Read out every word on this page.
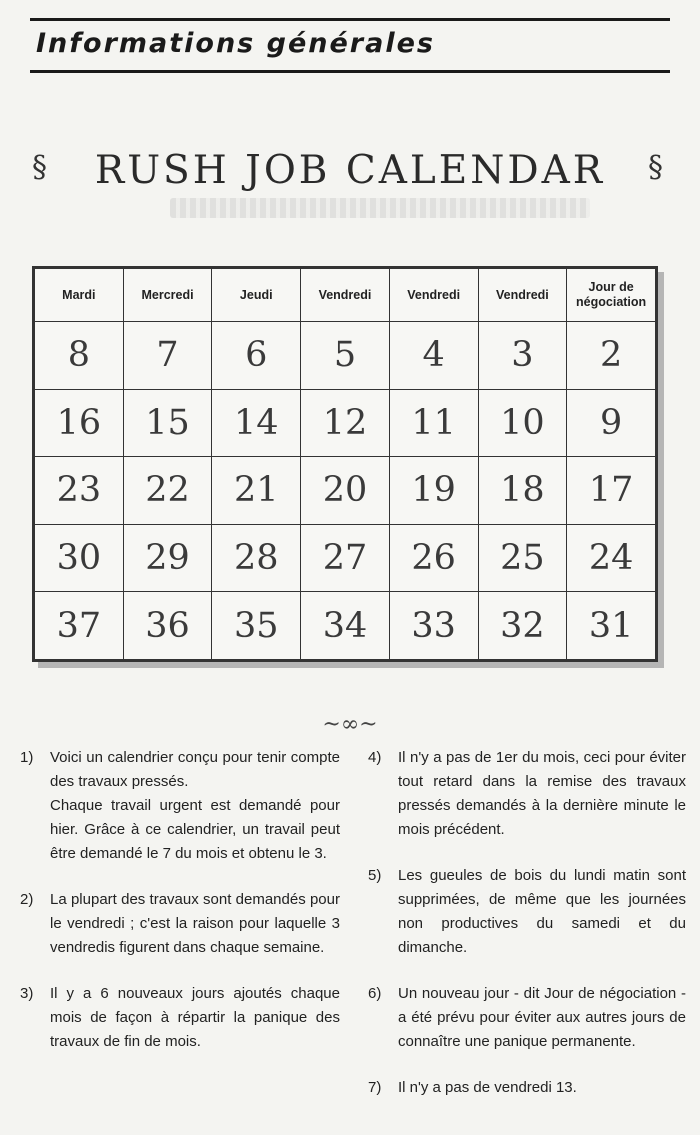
Informations générales
§	RUSH JOB CALENDAR	§
Mardi	Mercredi	Jeudi	Vendredi	Vendredi	Vendredi	Jour de négociation
8	7	6	5	4	3	2
16	15	14	12	11	10	9
23	22	21	20	19	18	17
30	29	28	27	26	25	24
37	36	35	34	33	32	31
~∞~
1)	Voici un calendrier conçu pour tenir compte des travaux pressés.

Chaque travail urgent est demandé pour hier. Grâce à ce calendrier, un travail peut être demandé le 7 du mois et obtenu le 3.

2)	La plupart des travaux sont demandés pour le vendredi ; c'est la raison pour laquelle 3 vendredis figurent dans chaque semaine.

3)	Il y a 6 nouveaux jours ajoutés chaque mois de façon à répartir la panique des travaux de fin de mois.

4)	Il n'y a pas de 1er du mois, ceci pour éviter tout retard dans la remise des travaux pressés demandés à la dernière minute le mois précédent.

5)	Les gueules de bois du lundi matin sont supprimées, de même que les journées non productives du samedi et du dimanche.

6)	Un nouveau jour - dit Jour de négociation - a été prévu pour éviter aux autres jours de connaître une panique permanente.

7)	Il n'y a pas de vendredi 13.
